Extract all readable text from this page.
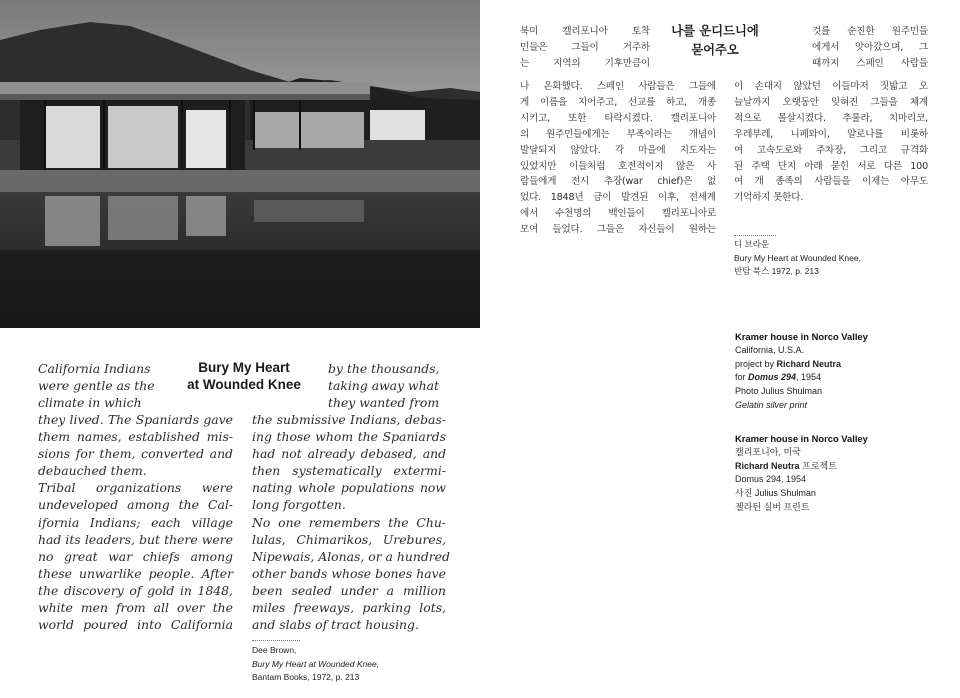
California Indians
were gentle as the
climate in which
Bury My Heart
at Wounded Knee
by the thousands,
taking away what
they wanted from
they lived. The Spaniards gave
them names, established mis-
sions for them, converted and
debauched them.
Tribal organizations were
undeveloped among the Cal-
ifornia Indians; each village
had its leaders, but there were
no great war chiefs among
these unwarlike people. After
the discovery of gold in 1848,
white men from all over the
world poured into California
the submissive Indians, debas-
ing those whom the Spaniards
had not already debased, and
then systematically extermi-
nating whole populations now
long forgotten.
No one remembers the Chu-
lulas, Chimarikos, Urebures,
Nipewais, Alonas, or a hundred
other bands whose bones have
been sealed under a million
miles freeways, parking lots,
and slabs of tract housing.
Dee Brown,
Bury My Heart at Wounded Knee,
Bantam Books, 1972, p. 213
북미 캘리포니아 토착
민들은 그들이 거주하
는 지역의 기후만큼이
나를 운디드니에
묻어주오
것를 순진한 원주민들
에게서 앗아갔으며, 그
때까지 스페인 사람들
나 온화했다. 스페인 사람들은 그들에
게 이름을 지어주고, 선교를 하고, 개종
시키고, 또한 타락시켰다. 캘리포니아
의 원주민들에게는 부족이라는 개념이
발달되지 않았다. 각 마을에 지도자는
있었지만 이들처럼 호전적이지 않은 사
람들에게 전시 추장(war chief)은 없
었다. 1848년 금이 발견된 이후, 전세계
에서 수천명의 백인들이 캘리포니아로
모여 들었다. 그들은 자신들이 원하는
이 손대지 않았던 이들마저 짓밟고 오
늘날까지 오랫동안 잊혀진 그들을 체계
적으로 몰살시켰다. 추룰라, 치마리코,
우레부레, 니페와이, 알로나를 비롯하
여 고속도로와 주차장, 그리고 규격화
된 주택 단지 아래 묻힌 서로 다른 100
여 개 종족의 사람들을 이제는 아무도
기억하지 못한다.
디 브라운
Bury My Heart at Wounded Knee,
반탐 북스 1972, p. 213
Kramer house in Norco Valley
California, U.S.A.
project by Richard Neutra
for Domus 294, 1954
Photo Julius Shulman
Gelatin silver print
Kramer house in Norco Valley
캘리포니아, 미국
Richard Neutra 프로젝트
Domus 294, 1954
사진 Julius Shulman
젤라틴 실버 프린트
